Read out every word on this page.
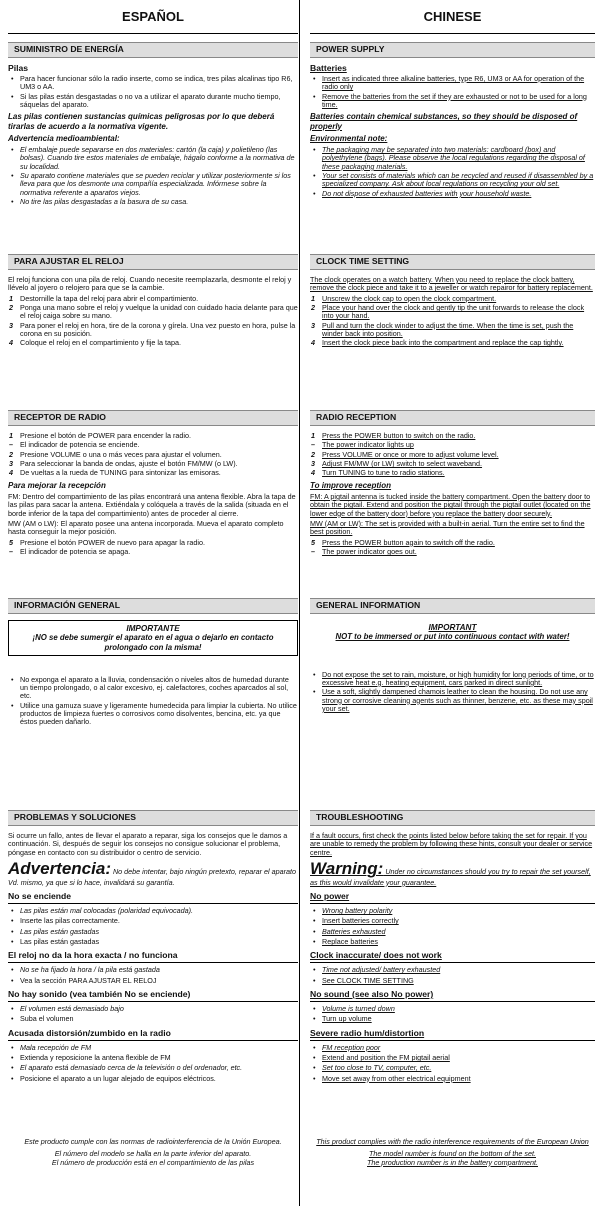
ESPAÑOL
SUMINISTRO DE ENERGÍA
Pilas
• Para hacer funcionar sólo la radio inserte, como se indica, tres pilas alcalinas tipo R6, UM3 o AA.
• Si las pilas están desgastadas o no va a utilizar el aparato durante mucho tiempo, sáquelas del aparato.
Las pilas contienen sustancias químicas peligrosas por lo que deberá tirarlas de acuerdo a la normativa vigente.
Advertencia medioambiental:
• El embalaje puede separarse en dos materiales: cartón (la caja) y polietileno (las bolsas). Cuando tire estos materiales de embalaje, hágalo conforme a la normativa de su localidad.
• Su aparato contiene materiales que se pueden reciclar y utilizar posteriormente si los lleva para que los desmonte una compañía especializada. Infórmese sobre la normativa referente a aparatos viejos.
• No tire las pilas desgastadas a la basura de su casa.
PARA AJUSTAR EL RELOJ

El reloj funciona con una pila de reloj. Cuando necesite reemplazarla, desmonte el reloj y llévelo al joyero o relojero para que se la cambie.

1 Destornille la tapa del reloj para abrir el compartimiento.
2 Ponga una mano sobre el reloj y vuelque la unidad con cuidado hacia delante para que el reloj caiga sobre su mano.
3 Para poner el reloj en hora, tire de la corona y gírela. Una vez puesto en hora, pulse la corona en su posición.
4 Coloque el reloj en el compartimiento y fije la tapa.
RECEPTOR DE RADIO
1 Presione el botón de POWER para encender la radio.
– El indicador de potencia se enciende.
2 Presione VOLUME o una o más veces para ajustar el volumen.
3 Para seleccionar la banda de ondas, ajuste el botón FM/MW (o LW).
4 De vueltas a la rueda de TUNING para sintonizar las emisoras.
Para mejorar la recepción

FM: Dentro del compartimiento de las pilas encontrará una antena flexible. Abra la tapa de las pilas para sacar la antena. Extiéndala y colóquela a través de la salida (situada en el borde inferior de la tapa del compartimiento) antes de proceder al cierre.

MW (AM o LW): El aparato posee una antena incorporada. Mueva el aparato completo hasta conseguir la mejor posición.

5 Presione el botón POWER de nuevo para apagar la radio.
– El indicador de potencia se apaga.
INFORMACIÓN GENERAL
IMPORTANTE
¡NO se debe sumergir el aparato en el agua o dejarlo en contacto prolongado con la misma!
• No exponga el aparato a la lluvia, condensación o niveles altos de humedad durante un tiempo prolongado, o al calor excesivo, ej. calefactores, coches aparcados al sol, etc.
• Utilice una gamuza suave y ligeramente humedecida para limpiar la cubierta. No utilice productos de limpieza fuertes o corrosivos como disolventes, bencina, etc. ya que éstos pueden dañarlo.
PROBLEMAS Y SOLUCIONES

Si ocurre un fallo, antes de llevar el aparato a reparar, siga los consejos que le damos a continuación. Si, después de seguir los consejos no consigue solucionar el problema, póngase en contacto con su distribuidor o centro de servicio.

Advertencia: No debe intentar, bajo ningún pretexto, reparar el aparato Vd. mismo, ya que si lo hace, invalidará su garantía.

No se enciende
• Las pilas están mal colocadas (polaridad equivocada).
• Inserte las pilas correctamente.
• Las pilas están gastadas
• Las pilas están gastadas
El reloj no da la hora exacta / no funciona
• No se ha fijado la hora / la pila está gastada
• Vea la sección PARA AJUSTAR EL RELOJ
No hay sonido (vea también No se enciende)
• El volumen está demasiado bajo
• Suba el volumen
Acusada distorsión/zumbido en la radio
• Mala recepción de FM
• Extienda y reposicione la antena flexible de FM
• El aparato está demasiado cerca de la televisión o del ordenador, etc.
• Posicione el aparato a un lugar alejado de equipos eléctricos.
Este producto cumple con las normas de radiointerferencia de la Unión Europea.
El número del modelo se halla en la parte inferior del aparato.
El número de producción está en el compartimiento de las pilas
CHINESE
POWER SUPPLY
Batteries
• Insert as indicated three alkaline batteries, type R6, UM3 or AA for operation of the radio only
• Remove the batteries from the set if they are exhausted or not to be used for a long time.
Batteries contain chemical substances, so they should be disposed of properly
Environmental note:
• The packaging may be separated into two materials: cardboard (box) and polyethylene (bags). Please observe the local regulations regarding the disposal of these packaging materials.
• Your set consists of materials which can be recycled and reused if disassembled by a specialized company. Ask about local regulations on recycling your old set.
• Do not dispose of exhausted batteries with your household waste.
CLOCK TIME SETTING

The clock operates on a watch battery. When you need to replace the clock battery, remove the clock piece and take it to a jeweller or watch repairor for battery replacement.

1 Unscrew the clock cap to open the clock compartment.
2 Place your hand over the clock and gently tip the unit forwards to release the clock into your hand.
3 Pull and turn the clock winder to adjust the time. When the time is set, push the winder back into position.
4 Insert the clock piece back into the compartment and replace the cap tightly.
RADIO RECEPTION
1 Press the POWER button to switch on the radio.
– The power indicator lights up
2 Press VOLUME or once or more to adjust volume level.
3 Adjust FM/MW (or LW) switch to select waveband.
4 Turn TUNING to tune to radio stations.
To improve reception

FM: A pigtail antenna is tucked inside the battery compartment. Open the battery door to obtain the pigtail. Extend and position the pigtail through the pigtail outlet (located on the lower edge of the battery door) before you replace the battery door securely.

MW (AM or LW): The set is provided with a built-in aerial. Turn the entire set to find the best position.

5 Press the POWER button again to switch off the radio.
– The power indicator goes out.
GENERAL INFORMATION
IMPORTANT
NOT to be immersed or put into continuous contact with water!
• Do not expose the set to rain, moisture, or high humidity for long periods of time, or to excessive heat e.g. heating equipment, cars parked in direct sunlight.
• Use a soft, slightly dampened chamois leather to clean the housing. Do not use any strong or corrosive cleaning agents such as thinner, benzene, etc. as these may spoil your set.
TROUBLESHOOTING

If a fault occurs, first check the points listed below before taking the set for repair. If you are unable to remedy the problem by following these hints, consult your dealer or service centre.

Warning: Under no circumstances should you try to repair the set yourself, as this would invalidate your guarantee.

No power
• Wrong battery polarity
• Insert batteries correctly
• Batteries exhausted
• Replace batteries
Clock inaccurate/ does not work
• Time not adjusted/ battery exhausted
• See CLOCK TIME SETTING
No sound (see also No power)
• Volume is turned down
• Turn up volume
Severe radio hum/distortion
• FM reception poor
• Extend and position the FM pigtail aerial
• Set too close to TV, computer, etc.
• Move set away from other electrical equipment
This product complies with the radio interference requirements of the European Union
The model number is found on the bottom of the set.
The production number is in the battery compartment.
